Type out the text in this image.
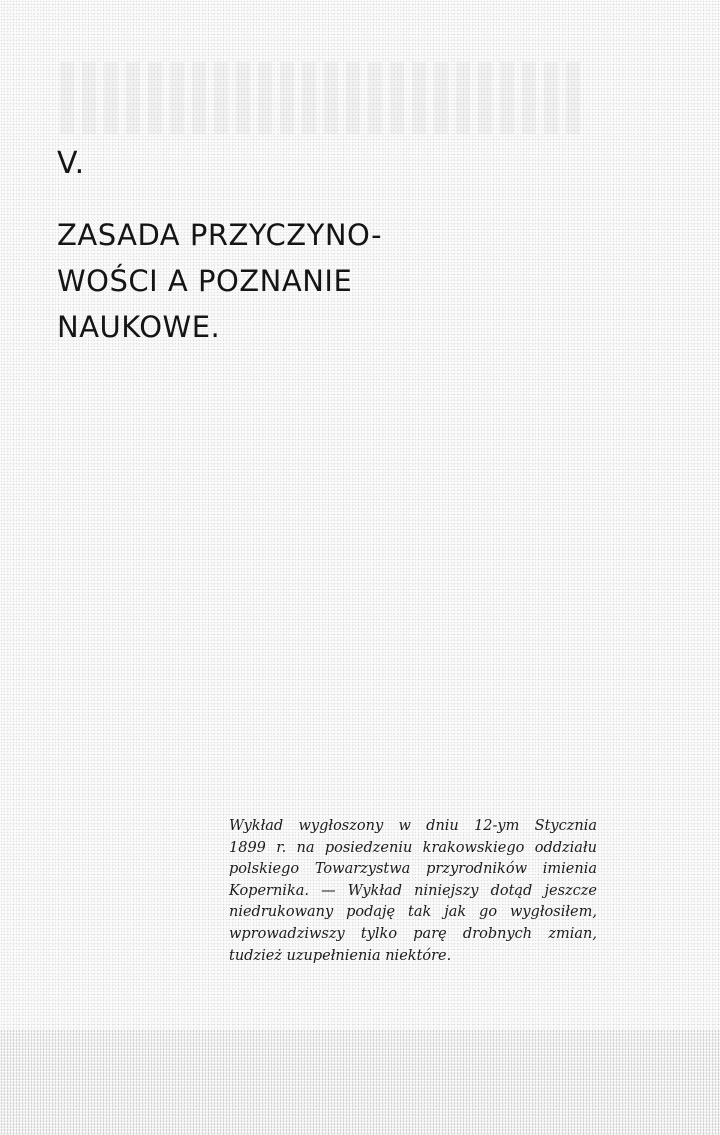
V.
ZASADA PRZYCZYNO-
WOŚCI A POZNANIE
NAUKOWE.

Wykład wygłoszony w dniu 12-ym Stycznia
1899 r. na posiedzeniu krakowskiego oddziału
polskiego Towarzystwa przyrodników imienia
Kopernika. — Wykład niniejszy dotąd jeszcze
niedrukowany podaję tak jak go wygłosiłem,
wprowadziwszy tylko parę drobnych zmian,
tudzież uzupełnienia niektóre.
